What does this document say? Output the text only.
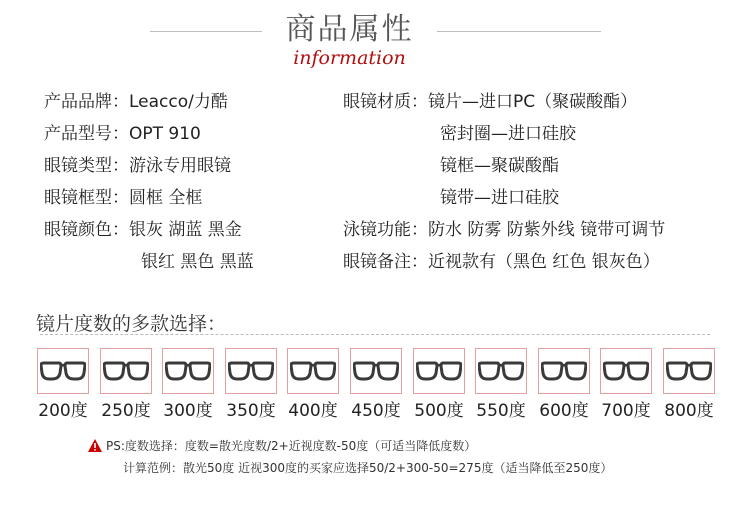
商品属性
information
产品品牌：Leacco/力酷
产品型号：OPT 910
眼镜类型：游泳专用眼镜
眼镜框型：圆框 全框
眼镜颜色：银灰 湖蓝 黑金
银红 黑色 黑蓝
眼镜材质：镜片—进口PC（聚碳酸酯）
密封圈—进口硅胶
镜框—聚碳酸酯
镜带—进口硅胶
泳镜功能：防水 防雾 防紫外线 镜带可调节
眼镜备注：近视款有（黑色 红色 银灰色）
镜片度数的多款选择：
200度 250度 300度 350度 400度 450度 500度 550度 600度 700度 800度
PS:度数选择：度数=散光度数/2+近视度数-50度（可适当降低度数）
计算范例：散光50度 近视300度的买家应选择50/2+300-50=275度（适当降低至250度）
